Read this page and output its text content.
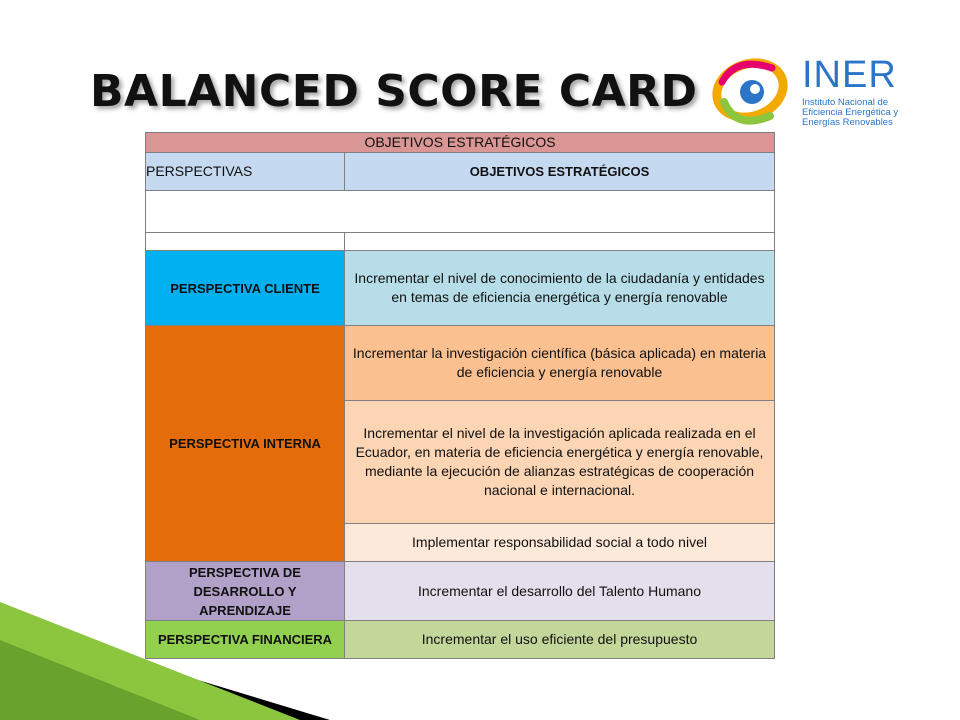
BALANCED SCORE CARD	INER
Instituto Nacional de
Eficiencia Energética y
Energías Renovables
OBJETIVOS ESTRATÉGICOS	
PERSPECTIVAS	OBJETIVOS ESTRATÉGICOS

PERSPECTIVA CLIENTE	Incrementar el nivel de conocimiento de la ciudadanía y entidades en temas de eficiencia energética y energía renovable
PERSPECTIVA INTERNA	Incrementar la investigación científica (básica aplicada) en materia de eficiencia y energía renovable
	Incrementar el nivel de la investigación aplicada realizada en el Ecuador, en materia de eficiencia energética y energía renovable, mediante la ejecución de alianzas estratégicas de cooperación nacional e internacional.
	Implementar responsabilidad social a todo nivel
PERSPECTIVA DE DESARROLLO Y APRENDIZAJE	Incrementar el desarrollo del Talento Humano
PERSPECTIVA FINANCIERA	Incrementar el uso eficiente del presupuesto
